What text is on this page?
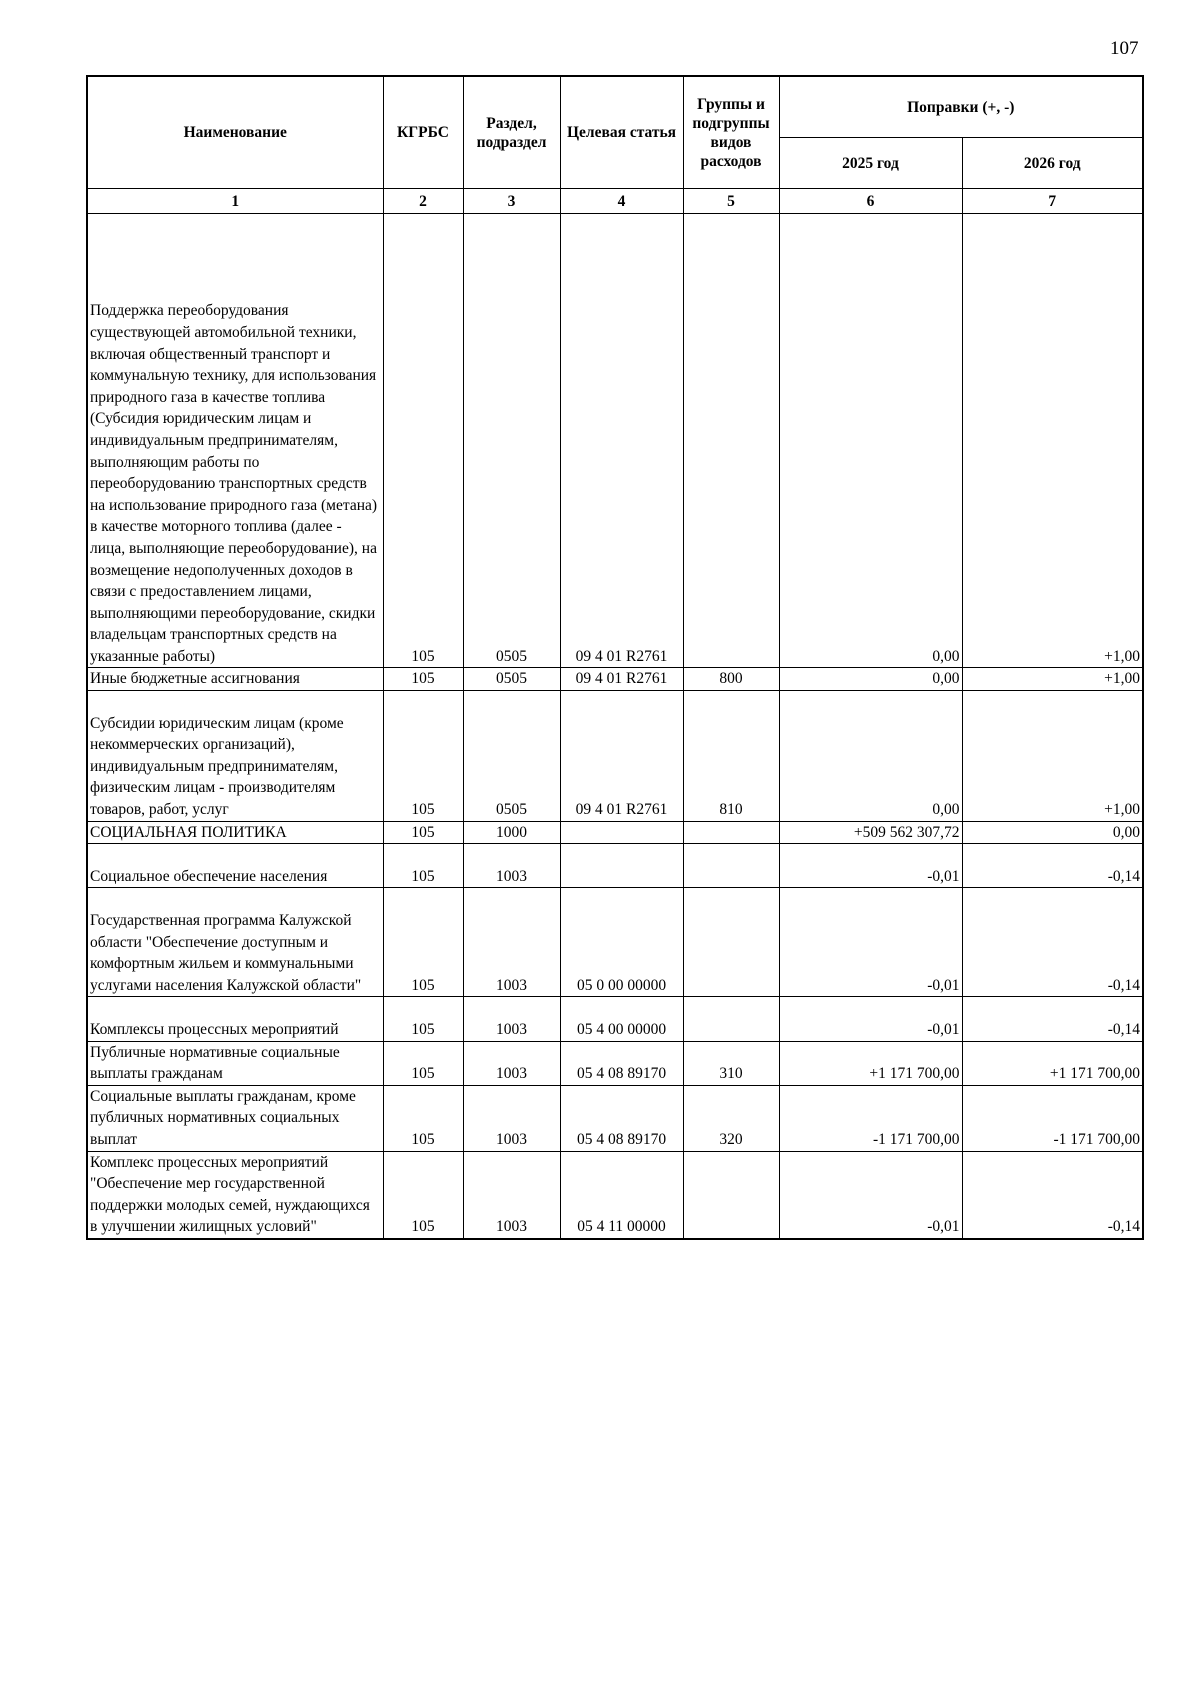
107
Наименование	КГРБС	Раздел, подраздел	Целевая статья	Группы и подгруппы видов расходов	Поправки (+, -)	
					2025 год	2026 год
1	2	3	4	5	6	7
Поддержка переоборудования существующей автомобильной техники, включая общественный транспорт и коммунальную технику, для использования природного газа в качестве топлива (Субсидия юридическим лицам и индивидуальным предпринимателям, выполняющим работы по переоборудованию транспортных средств на использование природного газа (метана) в качестве моторного топлива (далее - лица, выполняющие переоборудование), на возмещение недополученных доходов в связи с предоставлением лицами, выполняющими переоборудование, скидки владельцам транспортных средств на указанные работы)	105	0505	09 4 01 R2761		0,00	+1,00
Иные бюджетные ассигнования	105	0505	09 4 01 R2761	800	0,00	+1,00
Субсидии юридическим лицам (кроме некоммерческих организаций), индивидуальным предпринимателям, физическим лицам - производителям товаров, работ, услуг	105	0505	09 4 01 R2761	810	0,00	+1,00
СОЦИАЛЬНАЯ ПОЛИТИКА	105	1000			+509 562 307,72	0,00
Социальное обеспечение населения	105	1003			-0,01	-0,14
Государственная программа Калужской области "Обеспечение доступным и комфортным жильем и коммунальными услугами населения Калужской области"	105	1003	05 0 00 00000		-0,01	-0,14
Комплексы процессных мероприятий	105	1003	05 4 00 00000		-0,01	-0,14
Публичные нормативные социальные выплаты гражданам	105	1003	05 4 08 89170	310	+1 171 700,00	+1 171 700,00
Социальные выплаты гражданам, кроме публичных нормативных социальных выплат	105	1003	05 4 08 89170	320	-1 171 700,00	-1 171 700,00
Комплекс процессных мероприятий "Обеспечение мер государственной поддержки молодых семей, нуждающихся в улучшении жилищных условий"	105	1003	05 4 11 00000		-0,01	-0,14
